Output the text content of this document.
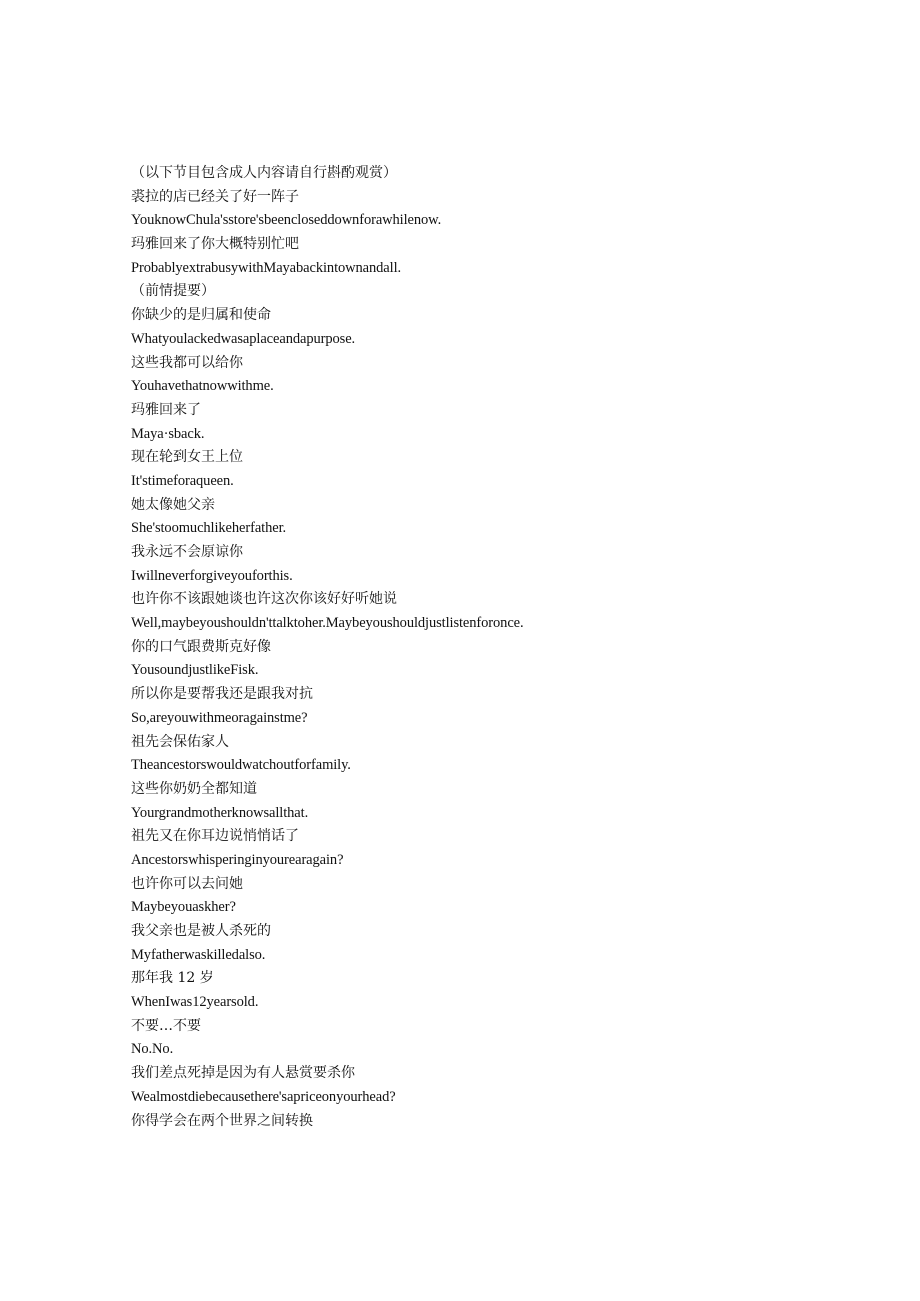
（以下节目包含成人内容请自行斟酌观赏）
裘拉的店已经关了好一阵子
YouknowChula'sstore'sbeencloseddownforawhilenow.
玛雅回来了你大概特别忙吧
ProbablyextrabusywithMayabackintownandall.
（前情提要）
你缺少的是归属和使命
Whatyoulackedwasaplaceandapurpose.
这些我都可以给你
Youhavethatnowwithme.
玛雅回来了
Maya·sback.
现在轮到女王上位
It'stimeforaqueen.
她太像她父亲
She'stoomuchlikeherfather.
我永远不会原谅你
Iwillneverforgiveyouforthis.
也许你不该跟她谈也许这次你该好好听她说
Well,maybeyoushouldn'ttalktoher.Maybeyoushouldjustlistenforonce.
你的口气跟费斯克好像
YousoundjustlikeFisk.
所以你是要帮我还是跟我对抗
So,areyouwithmeoragainstme?
祖先会保佑家人
Theancestorswouldwatchoutforfamily.
这些你奶奶全都知道
Yourgrandmotherknowsallthat.
祖先又在你耳边说悄悄话了
Ancestorswhisperinginyourearagain?
也许你可以去问她
Maybeyouaskher?
我父亲也是被人杀死的
Myfatherwaskilledalso.
那年我 12 岁
WhenIwas12yearsold.
不要…不要
No.No.
我们差点死掉是因为有人悬赏要杀你
Wealmostdiebecausethere'sapriceonyourhead?
你得学会在两个世界之间转换
